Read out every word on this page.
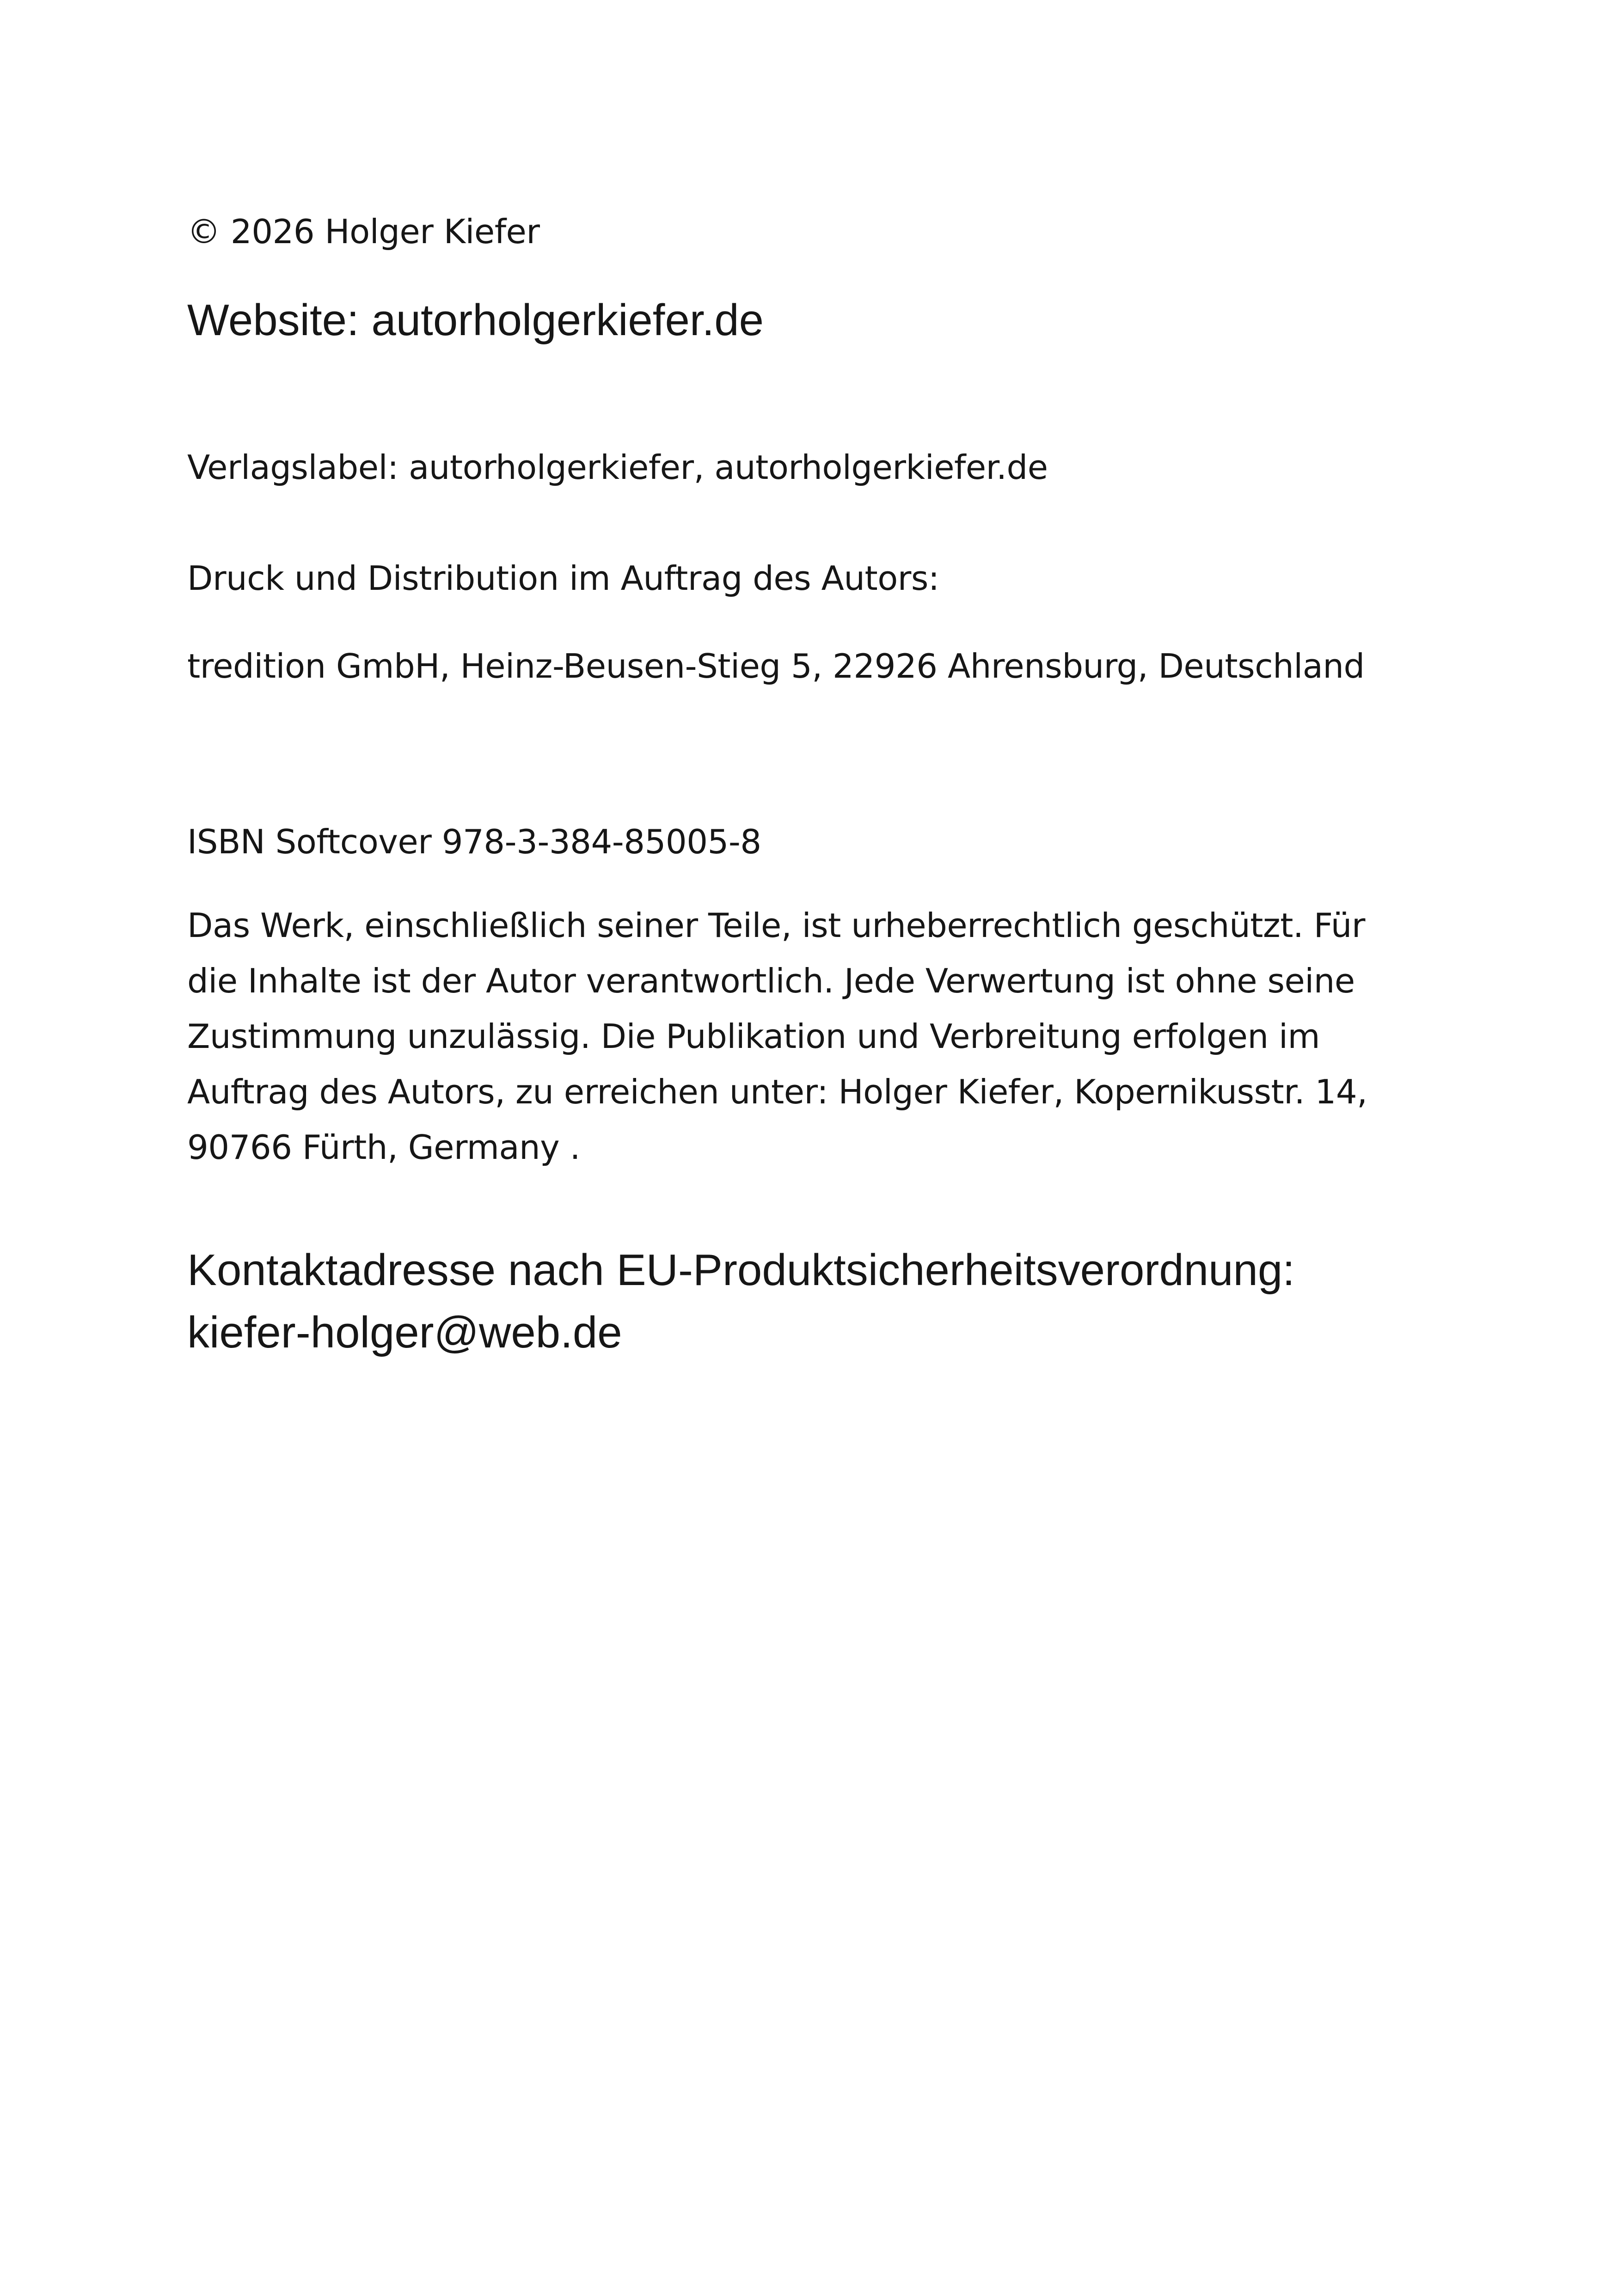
© 2026 Holger Kiefer

Website: autorholgerkiefer.de

Verlagslabel: autorholgerkiefer, autorholgerkiefer.de

Druck und Distribution im Auftrag des Autors:

tredition GmbH, Heinz-Beusen-Stieg 5, 22926 Ahrensburg, Deutschland

ISBN Softcover 978-3-384-85005-8

Das Werk, einschließlich seiner Teile, ist urheberrechtlich geschützt. Für
die Inhalte ist der Autor verantwortlich. Jede Verwertung ist ohne seine
Zustimmung unzulässig. Die Publikation und Verbreitung erfolgen im
Auftrag des Autors, zu erreichen unter: Holger Kiefer, Kopernikusstr. 14,
90766 Fürth, Germany .
Kontaktadresse nach EU-Produktsicherheitsverordnung:
kiefer-holger@web.de
